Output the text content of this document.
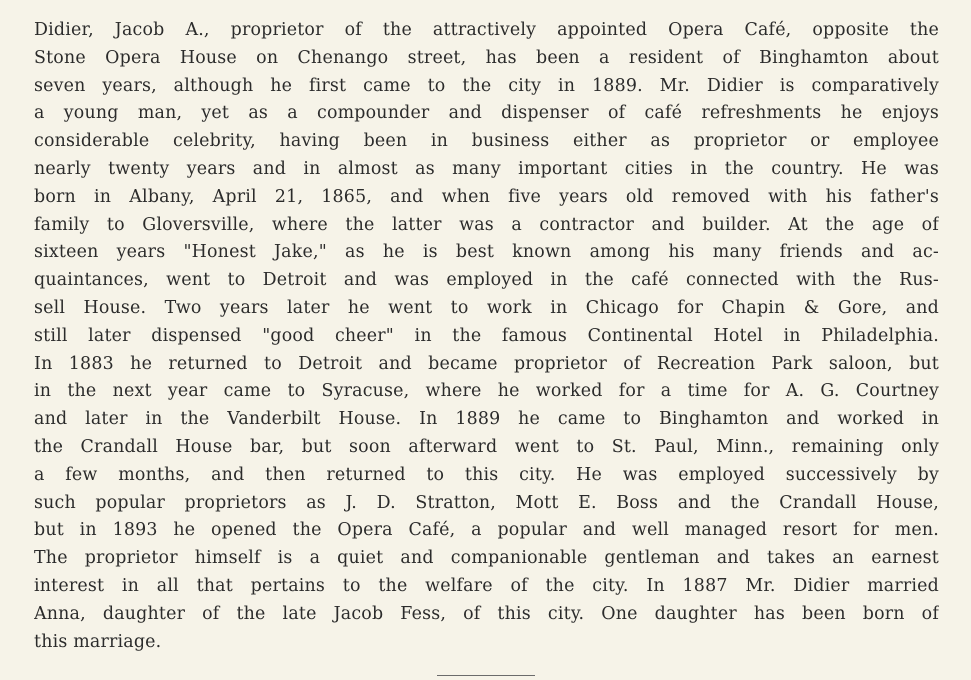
Didier, Jacob A., proprietor of the attractively appointed Opera Café, opposite the
Stone Opera House on Chenango street, has been a resident of Binghamton about
seven years, although he first came to the city in 1889. Mr. Didier is comparatively
a young man, yet as a compounder and dispenser of café refreshments he enjoys
considerable celebrity, having been in business either as proprietor or employee
nearly twenty years and in almost as many important cities in the country. He was
born in Albany, April 21, 1865, and when five years old removed with his father's
family to Gloversville, where the latter was a contractor and builder. At the age of
sixteen years "Honest Jake," as he is best known among his many friends and ac-
quaintances, went to Detroit and was employed in the café connected with the Rus-
sell House. Two years later he went to work in Chicago for Chapin & Gore, and
still later dispensed "good cheer" in the famous Continental Hotel in Philadelphia.
In 1883 he returned to Detroit and became proprietor of Recreation Park saloon, but
in the next year came to Syracuse, where he worked for a time for A. G. Courtney
and later in the Vanderbilt House. In 1889 he came to Binghamton and worked in
the Crandall House bar, but soon afterward went to St. Paul, Minn., remaining only
a few months, and then returned to this city. He was employed successively by
such popular proprietors as J. D. Stratton, Mott E. Boss and the Crandall House,
but in 1893 he opened the Opera Café, a popular and well managed resort for men.
The proprietor himself is a quiet and companionable gentleman and takes an earnest
interest in all that pertains to the welfare of the city. In 1887 Mr. Didier married
Anna, daughter of the late Jacob Fess, of this city. One daughter has been born of
this marriage.
